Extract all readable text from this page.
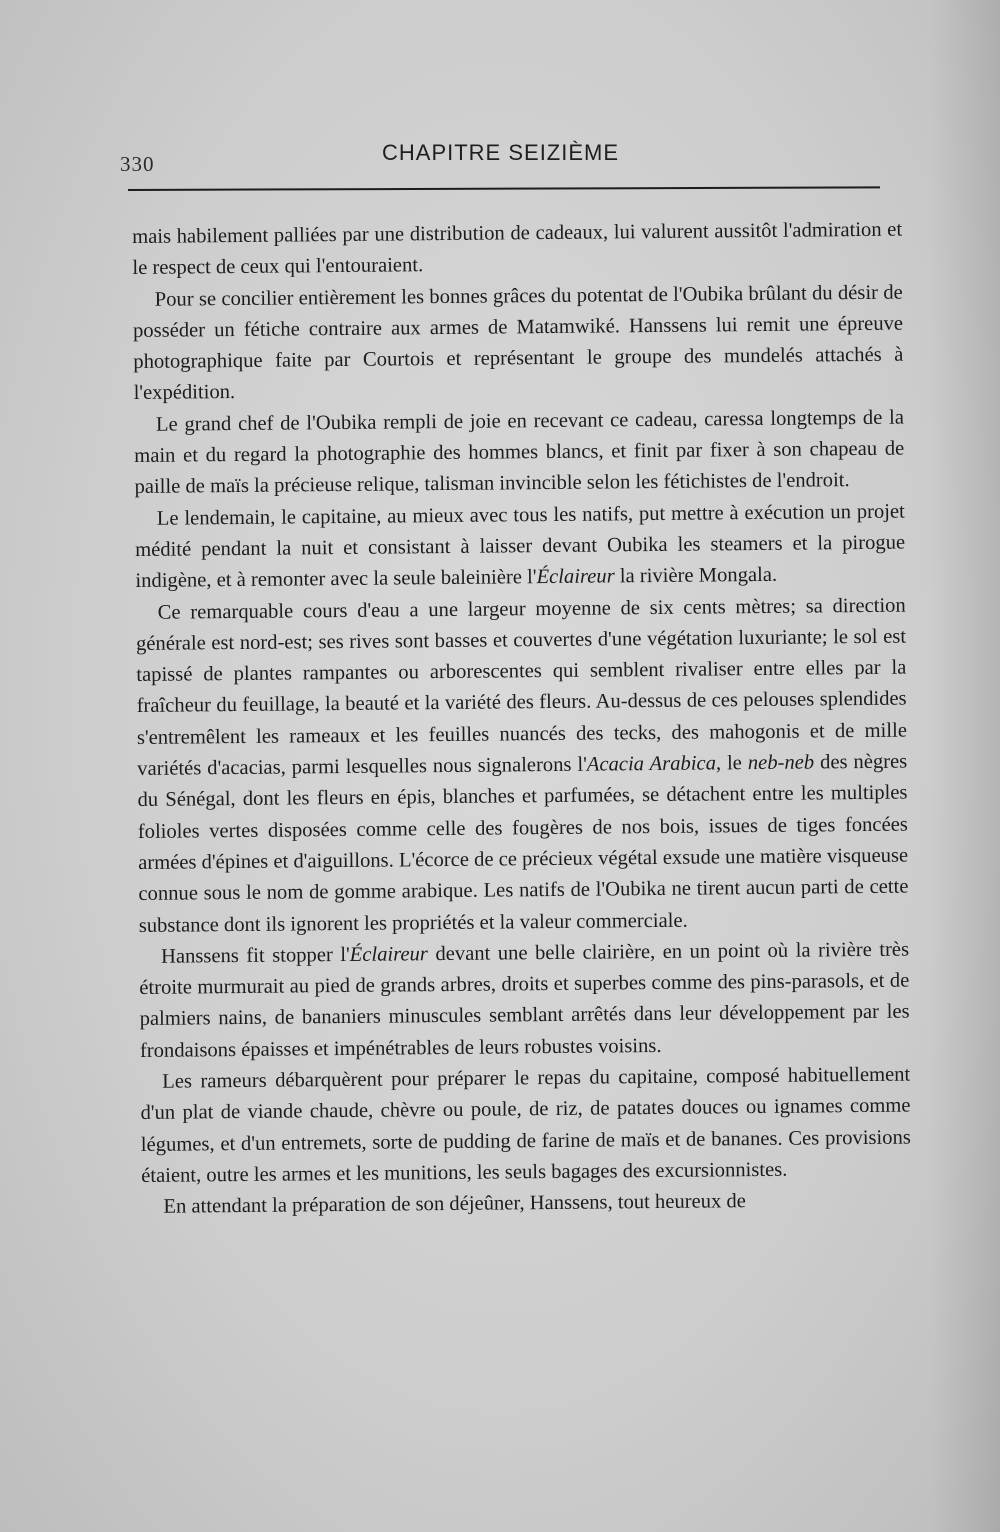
330	CHAPITRE SEIZIÈME

mais habilement palliées par une distribution de cadeaux, lui valurent aussitôt l'admiration et le respect de ceux qui l'entouraient.

Pour se concilier entièrement les bonnes grâces du potentat de l'Oubika brûlant du désir de posséder un fétiche contraire aux armes de Matamwiké. Hanssens lui remit une épreuve photographique faite par Courtois et représentant le groupe des mundelés attachés à l'expédition.

Le grand chef de l'Oubika rempli de joie en recevant ce cadeau, caressa longtemps de la main et du regard la photographie des hommes blancs, et finit par fixer à son chapeau de paille de maïs la précieuse relique, talisman invincible selon les fétichistes de l'endroit.

Le lendemain, le capitaine, au mieux avec tous les natifs, put mettre à exécution un projet médité pendant la nuit et consistant à laisser devant Oubika les steamers et la pirogue indigène, et à remonter avec la seule baleinière l'Éclaireur la rivière Mongala.

Ce remarquable cours d'eau a une largeur moyenne de six cents mètres; sa direction générale est nord-est; ses rives sont basses et couvertes d'une végétation luxuriante; le sol est tapissé de plantes rampantes ou arborescentes qui semblent rivaliser entre elles par la fraîcheur du feuillage, la beauté et la variété des fleurs. Au-dessus de ces pelouses splendides s'entremêlent les rameaux et les feuilles nuancés des tecks, des mahogonis et de mille variétés d'acacias, parmi lesquelles nous signalerons l'Acacia Arabica, le neb-neb des nègres du Sénégal, dont les fleurs en épis, blanches et parfumées, se détachent entre les multiples folioles vertes disposées comme celle des fougères de nos bois, issues de tiges foncées armées d'épines et d'aiguillons. L'écorce de ce précieux végétal exsude une matière visqueuse connue sous le nom de gomme arabique. Les natifs de l'Oubika ne tirent aucun parti de cette substance dont ils ignorent les propriétés et la valeur commerciale.

Hanssens fit stopper l'Éclaireur devant une belle clairière, en un point où la rivière très étroite murmurait au pied de grands arbres, droits et superbes comme des pins-parasols, et de palmiers nains, de bananiers minuscules semblant arrêtés dans leur développement par les frondaisons épaisses et impénétrables de leurs robustes voisins.

Les rameurs débarquèrent pour préparer le repas du capitaine, composé habituellement d'un plat de viande chaude, chèvre ou poule, de riz, de patates douces ou ignames comme légumes, et d'un entremets, sorte de pudding de farine de maïs et de bananes. Ces provisions étaient, outre les armes et les munitions, les seuls bagages des excursionnistes.

En attendant la préparation de son déjeûner, Hanssens, tout heureux de
